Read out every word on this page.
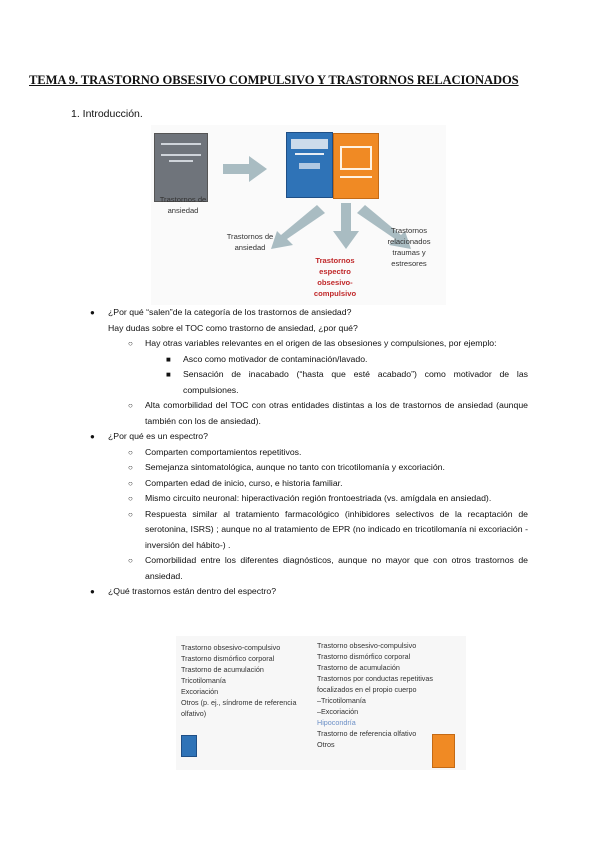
TEMA 9. TRASTORNO OBSESIVO COMPULSIVO Y TRASTORNOS RELACIONADOS
1. Introducción.
Trastornos de ansiedad
Trastornos de ansiedad
Trastornos espectro obsesivo-compulsivo
Trastornos relacionados traumas y estresores
● ¿Por qué “salen”de la categoría de los trastornos de ansiedad?
Hay dudas sobre el TOC como trastorno de ansiedad, ¿por qué?
○ Hay otras variables relevantes en el origen de las obsesiones y compulsiones, por ejemplo:
■ Asco como motivador de contaminación/lavado.
■ Sensación de inacabado (“hasta que esté acabado”) como motivador de las compulsiones.
○ Alta comorbilidad del TOC con otras entidades distintas a los de trastornos de ansiedad (aunque también con los de ansiedad).
● ¿Por qué es un espectro?
○ Comparten comportamientos repetitivos.
○ Semejanza sintomatológica, aunque no tanto con tricotilomanía y excoriación.
○ Comparten edad de inicio, curso, e historia familiar.
○ Mismo circuito neuronal: hiperactivación región frontoestriada (vs. amígdala en ansiedad).
○ Respuesta similar al tratamiento farmacológico (inhibidores selectivos de la recaptación de serotonina, ISRS) ; aunque no al tratamiento de EPR (no indicado en tricotilomanía ni excoriación -inversión del hábito-) .
○ Comorbilidad entre los diferentes diagnósticos, aunque no mayor que con otros trastornos de ansiedad.
● ¿Qué trastornos están dentro del espectro?
Trastorno obsesivo-compulsivo
Trastorno dismórfico corporal
Trastorno de acumulación
Tricotilomanía
Excoriación
Otros (p. ej., síndrome de referencia
olfativo)
Trastorno obsesivo-compulsivo
Trastorno dismórfico corporal
Trastorno de acumulación
Trastornos por conductas repetitivas
focalizados en el propio cuerpo
–Tricotilomanía
–Excoriación
Hipocondría
Trastorno de referencia olfativo
Otros
